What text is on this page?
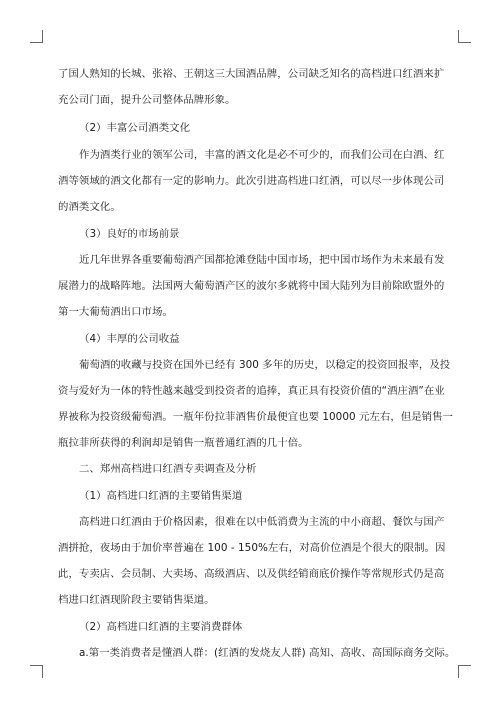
了国人熟知的长城、张裕、王朝这三大国酒品牌，公司缺乏知名的高档进口红酒来扩
充公司门面，提升公司整体品牌形象。
（2）丰富公司酒类文化
作为酒类行业的领军公司，丰富的酒文化是必不可少的，而我们公司在白酒、红
酒等领域的酒文化都有一定的影响力。此次引进高档进口红酒，可以尽一步体现公司
的酒类文化。
（3）良好的市场前景
近几年世界各重要葡萄酒产国都抢滩登陆中国市场，把中国市场作为未来最有发
展潜力的战略阵地。法国两大葡萄酒产区的波尔多就将中国大陆列为目前除欧盟外的
第一大葡萄酒出口市场。
（4）丰厚的公司收益
葡萄酒的收藏与投资在国外已经有 300 多年的历史，以稳定的投资回报率，及投
资与爱好为一体的特性越来越受到投资者的追捧，真正具有投资价值的“酒庄酒”在业
界被称为投资级葡萄酒。一瓶年份拉菲酒售价最便宜也要 10000 元左右，但是销售一
瓶拉菲所获得的利润却是销售一瓶普通红酒的几十倍。
二、郑州高档进口红酒专卖调查及分析
（1）高档进口红酒的主要销售渠道
高档进口红酒由于价格因素，很难在以中低消费为主流的中小商超、餐饮与国产
酒拼抢，夜场由于加价率普遍在 100 - 150%左右，对高价位酒是个很大的限制。因
此，专卖店、会员制、大卖场、高级酒店、以及供经销商底价操作等常规形式仍是高
档进口红酒现阶段主要销售渠道。
（2）高档进口红酒的主要消费群体
a.第一类消费者是懂酒人群：(红酒的发烧友人群) 高知、高收、高国际商务交际。
